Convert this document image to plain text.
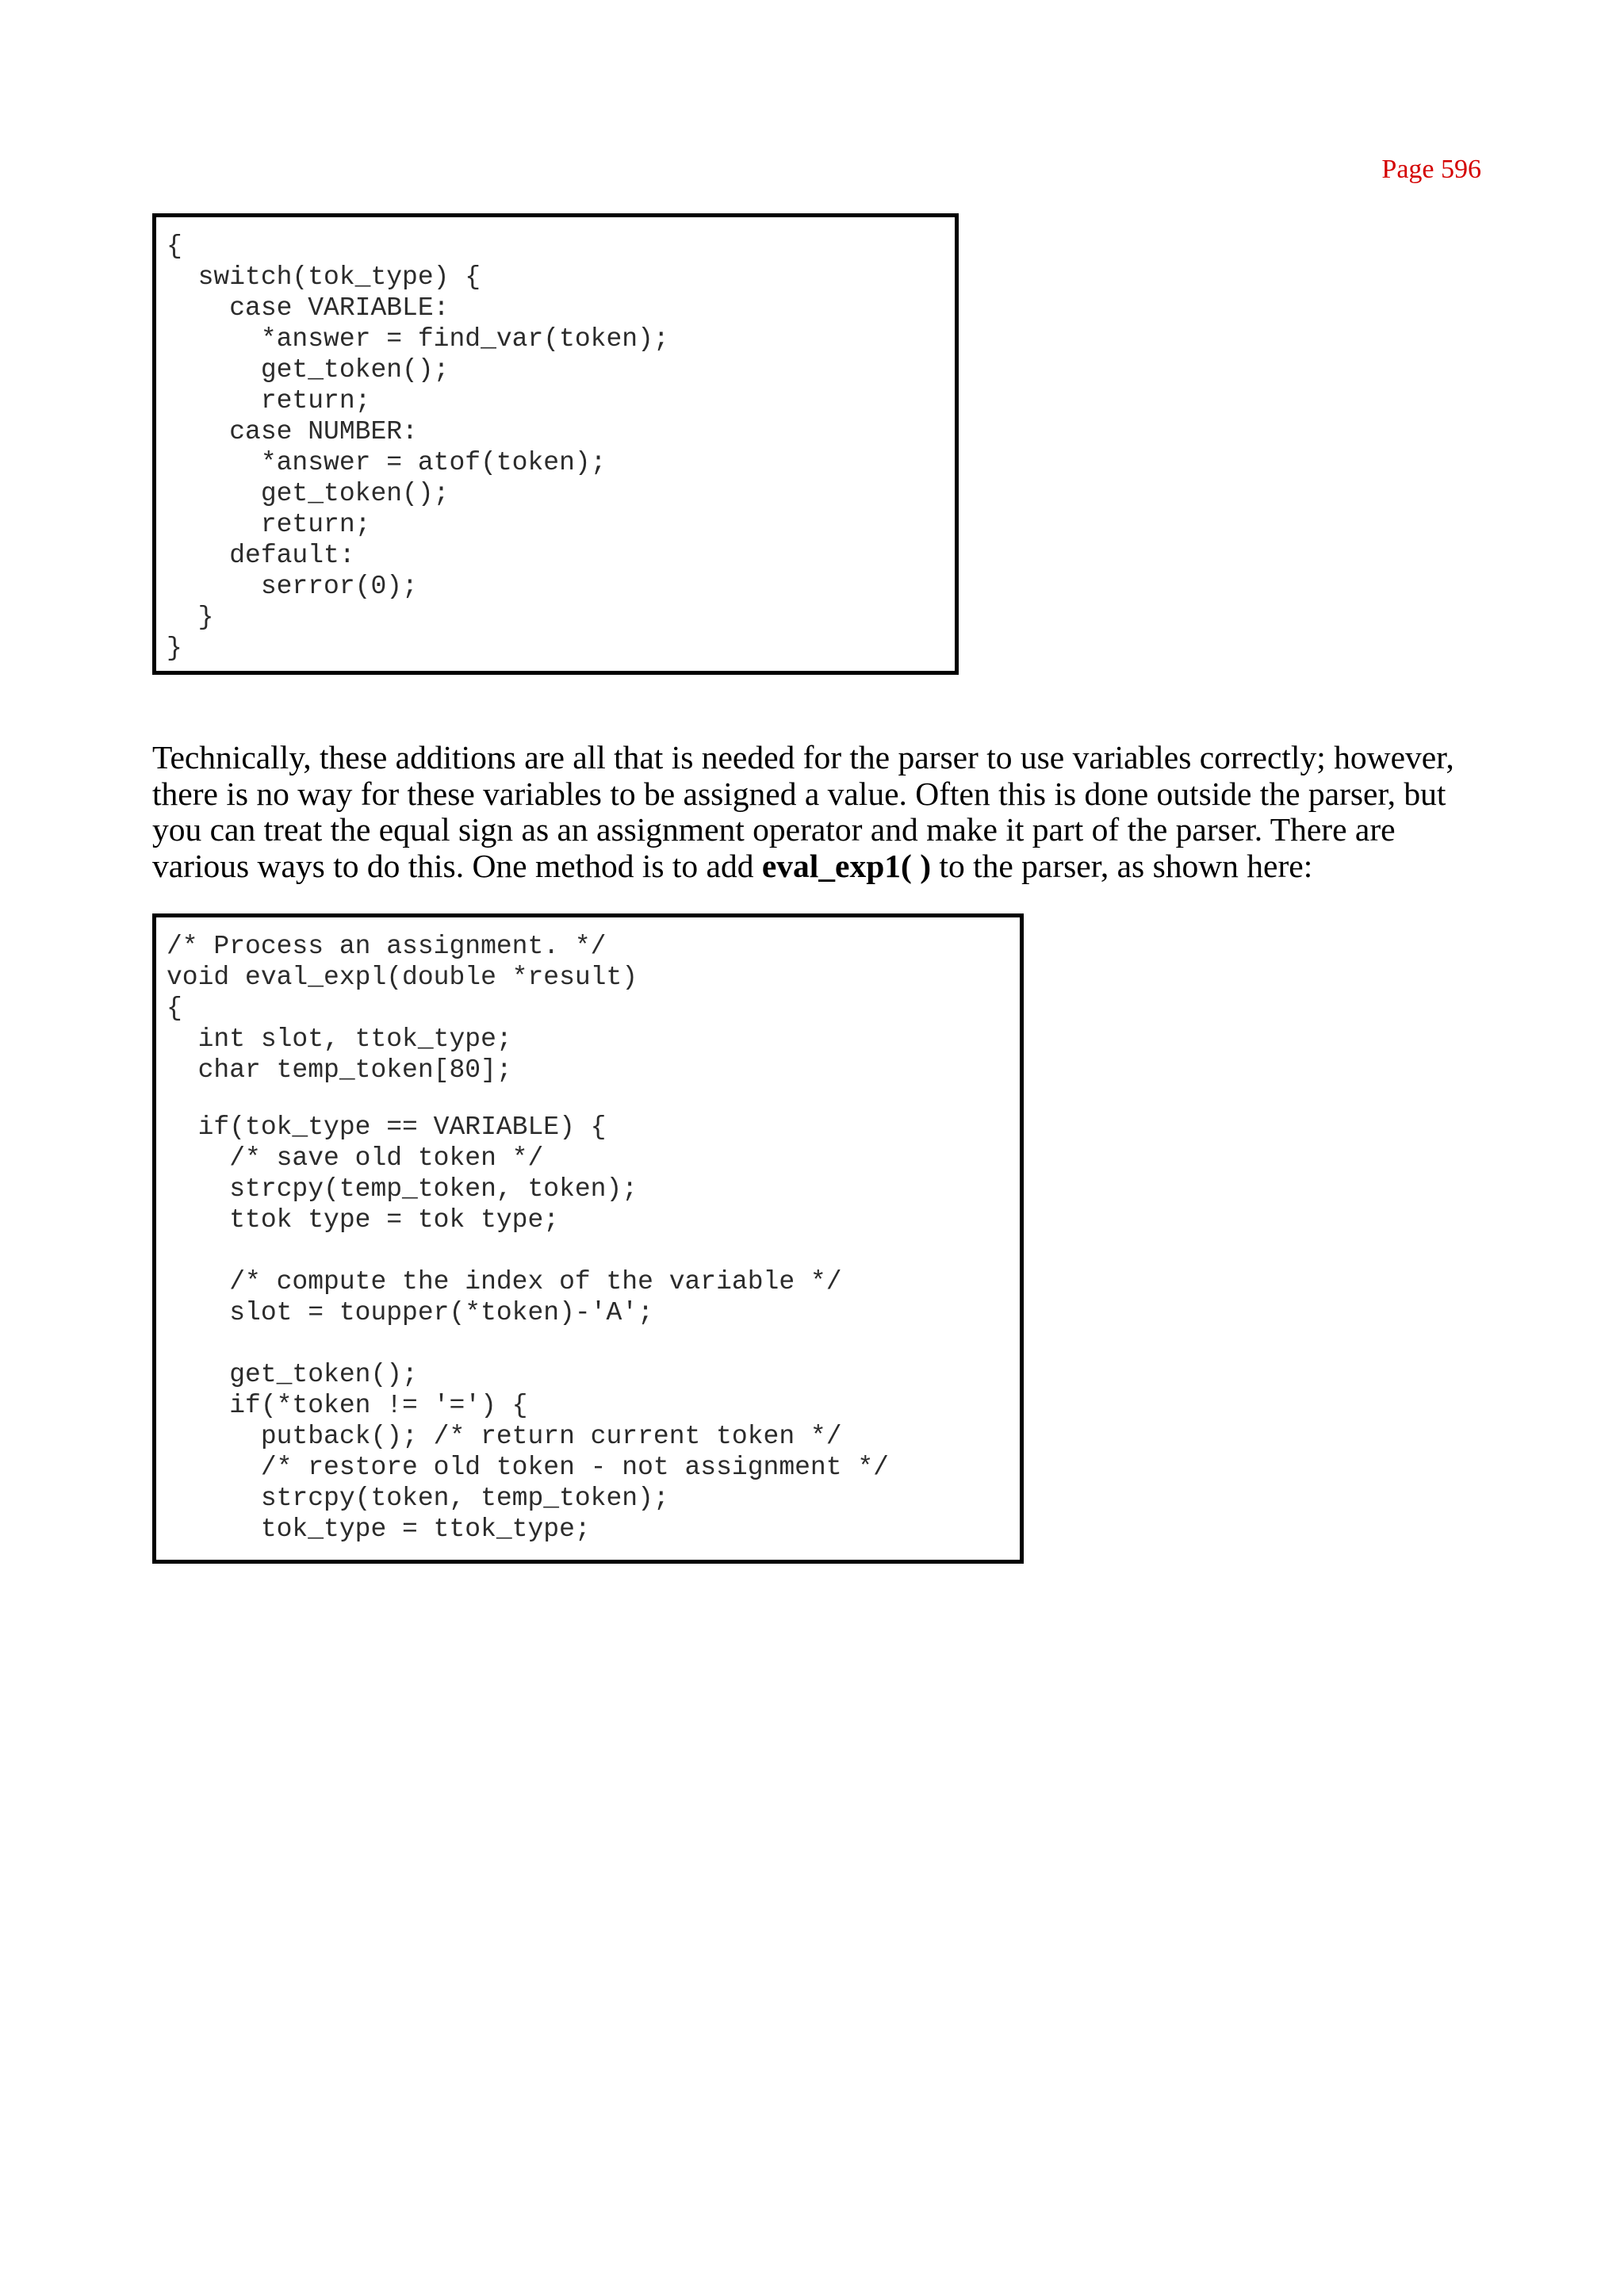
Page 596

{
switch(tok_type) {
case VARIABLE:
*answer = find_var(token);
get_token();
return;
case NUMBER:
*answer = atof(token);
get_token();
return;
default:
serror(0);
}
}

Technically, these additions are all that is needed for the parser to use variables correctly; however, there is no way for these variables to be assigned a value. Often this is done outside the parser, but you can treat the equal sign as an assignment operator and make it part of the parser. There are various ways to do this. One method is to add eval_exp1( ) to the parser, as shown here:

/* Process an assignment. */
void eval_expl(double *result)
{
int slot, ttok_type;
char temp_token[80];
if(tok_type == VARIABLE) {
/* save old token */
strcpy(temp_token, token);
ttok type = tok type;
/* compute the index of the variable */
slot = toupper(*token)-'A';
get_token();
if(*token != '=') {
putback(); /* return current token */
/* restore old token - not assignment */
strcpy(token, temp_token);
tok_type = ttok_type;
